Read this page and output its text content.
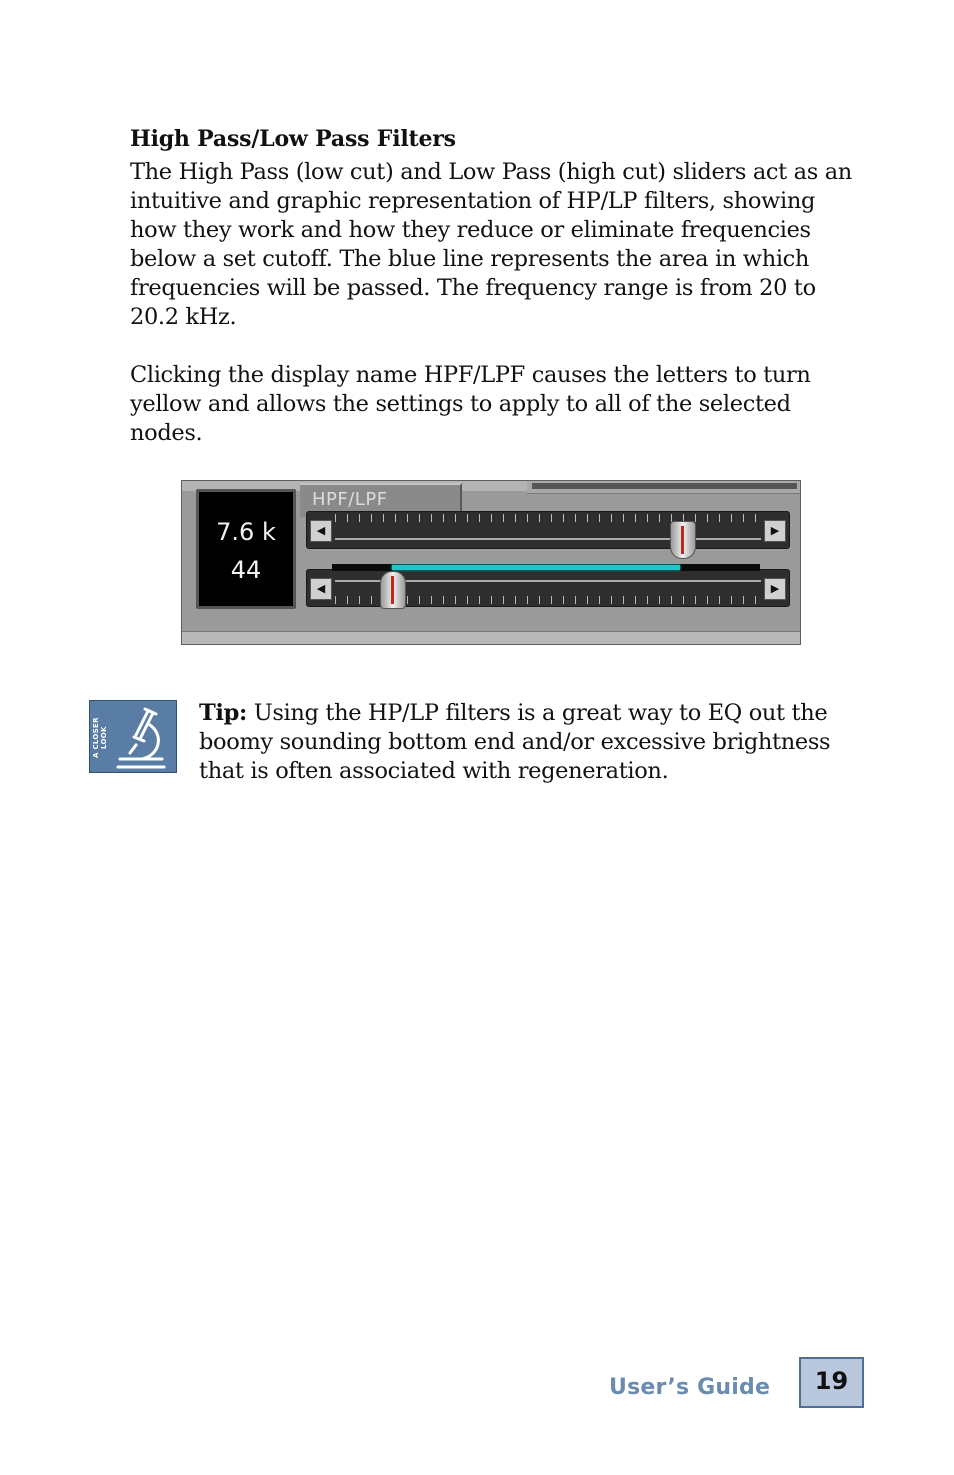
High Pass/Low Pass Filters

The High Pass (low cut) and Low Pass (high cut) sliders act as an intuitive and graphic representation of HP/LP filters, showing how they work and how they reduce or eliminate frequencies below a set cutoff. The blue line represents the area in which frequencies will be passed. The frequency range is from 20 to 20.2 kHz.

Clicking the display name HPF/LPF causes the letters to turn yellow and allows the settings to apply to all of the selected nodes.

HPF/LPF
7.6 k
44
◀	▶
◀	▶
A CLOSER LOOK

Tip: Using the HP/LP filters is a great way to EQ out the boomy sounding bottom end and/or excessive brightness that is often associated with regeneration.

User’s Guide	19
